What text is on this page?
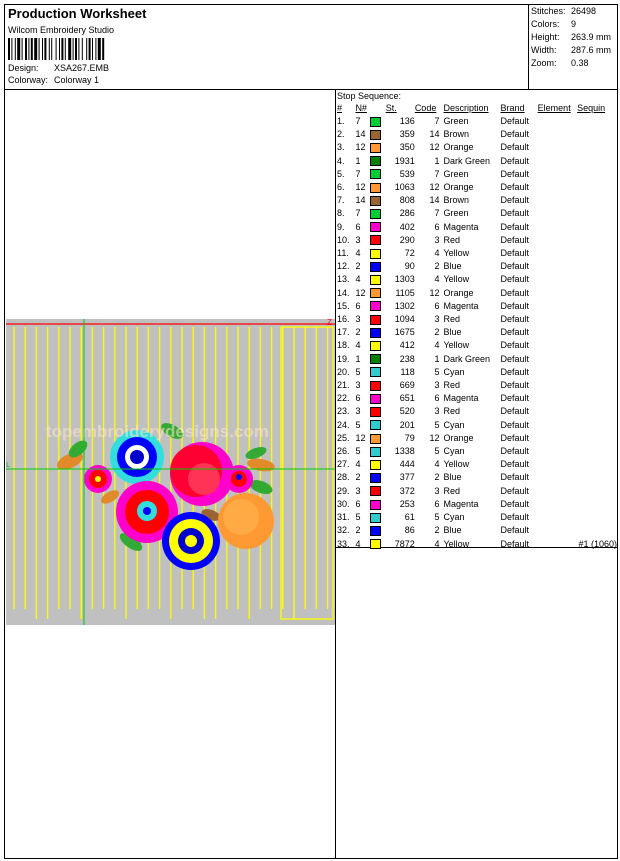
Production Worksheet
Wilcom Embroidery Studio
Design: XSA267.EMB
Colorway: Colorway 1
Stitches: 26498
Colors: 9
Height: 263.9 mm
Width: 287.6 mm
Zoom: 0.38
Z
L
topembroiderydesigns.com
Stop Sequence:
#	N#		St.	Code	Description	Brand	Element	Sequin
1.	7		136	7	Green	Default		
2.	14		359	14	Brown	Default		
3.	12		350	12	Orange	Default		
4.	1		1931	1	Dark Green	Default		
5.	7		539	7	Green	Default		
6.	12		1063	12	Orange	Default		
7.	14		808	14	Brown	Default		
8.	7		286	7	Green	Default		
9.	6		402	6	Magenta	Default		
10.	3		290	3	Red	Default		
11.	4		72	4	Yellow	Default		
12.	2		90	2	Blue	Default		
13.	4		1303	4	Yellow	Default		
14.	12		1105	12	Orange	Default		
15.	6		1302	6	Magenta	Default		
16.	3		1094	3	Red	Default		
17.	2		1675	2	Blue	Default		
18.	4		412	4	Yellow	Default		
19.	1		238	1	Dark Green	Default		
20.	5		118	5	Cyan	Default		
21.	3		669	3	Red	Default		
22.	6		651	6	Magenta	Default		
23.	3		520	3	Red	Default		
24.	5		201	5	Cyan	Default		
25.	12		79	12	Orange	Default		
26.	5		1338	5	Cyan	Default		
27.	4		444	4	Yellow	Default		
28.	2		377	2	Blue	Default		
29.	3		372	3	Red	Default		
30.	6		253	6	Magenta	Default		
31.	5		61	5	Cyan	Default		
32.	2		86	2	Blue	Default		
33.	4		7872	4	Yellow	Default		#1 (1060)
